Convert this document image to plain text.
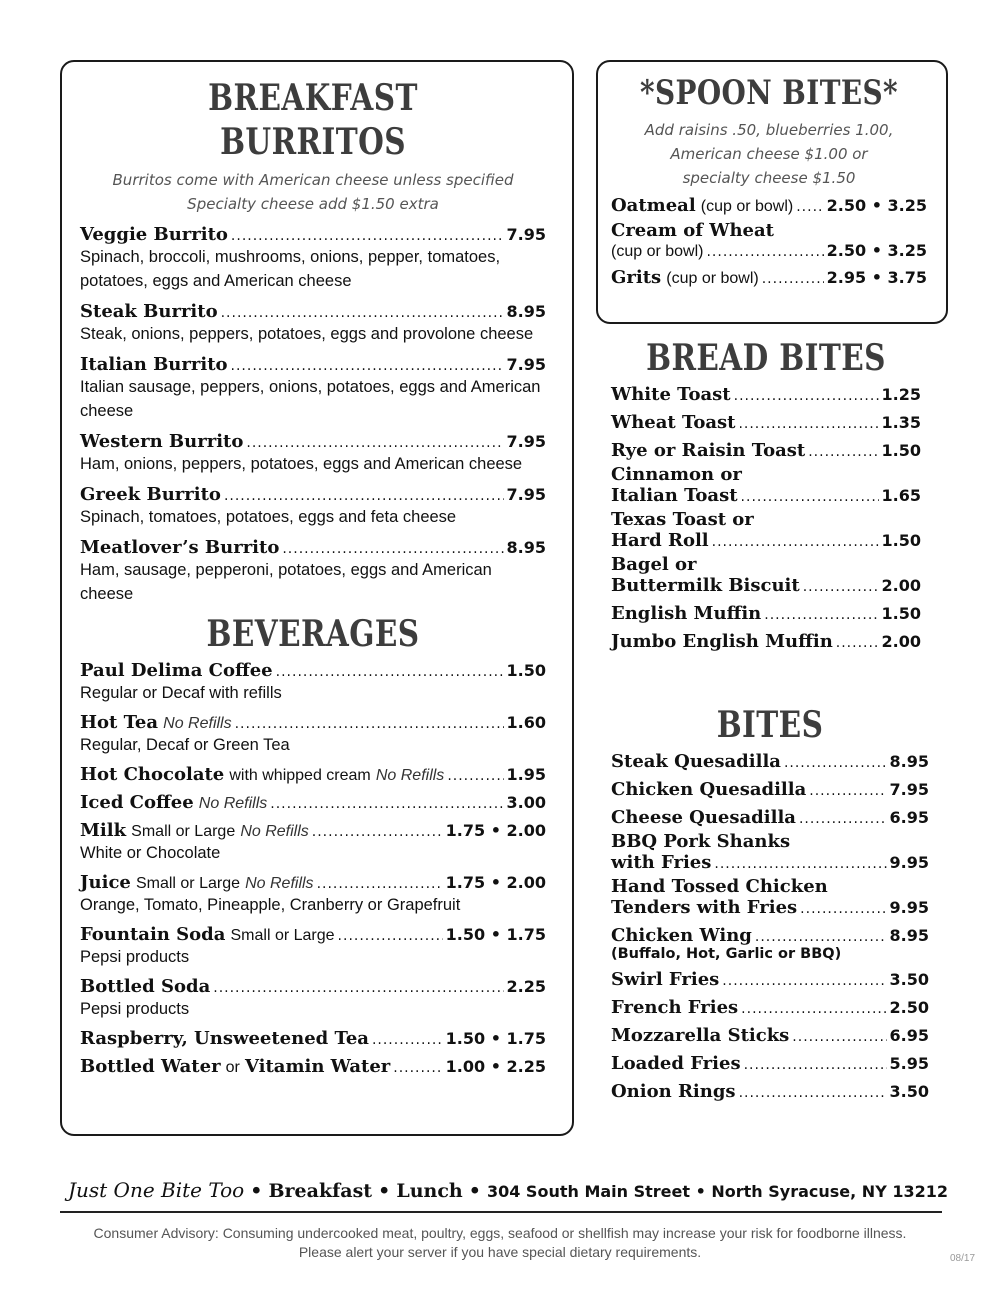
BREAKFAST BURRITOS
Burritos come with American cheese unless specified
Specialty cheese add $1.50 extra
Veggie Burrito .....	7.95
Spinach, broccoli, mushrooms, onions, pepper, tomatoes,
potatoes, eggs and American cheese
Steak Burrito .....	8.95
Steak, onions, peppers, potatoes, eggs and provolone cheese
Italian Burrito .....	7.95
Italian sausage, peppers, onions, potatoes, eggs and American
cheese
Western Burrito .....	7.95
Ham, onions, peppers, potatoes, eggs and American cheese
Greek Burrito .....	7.95
Spinach, tomatoes, potatoes, eggs and feta cheese
Meatlover’s Burrito .....	8.95
Ham, sausage, pepperoni, potatoes, eggs and American
cheese
BEVERAGES
Paul Delima Coffee .....	1.50
Regular or Decaf with refills
Hot Tea
No Refills .....	1.60
Regular, Decaf or Green Tea
Hot Chocolate
with whipped cream
No Refills .....	1.95
Iced Coffee
No Refills .....	3.00
Milk
Small or Large
No Refills .....	1.75 • 2.00
White or Chocolate
Juice
Small or Large
No Refills .....	1.75 • 2.00
Orange, Tomato, Pineapple, Cranberry or Grapefruit
Fountain Soda
Small or Large .....	1.50 • 1.75
Pepsi products
Bottled Soda .....	2.25
Pepsi products
Raspberry, Unsweetened Tea .....	1.50 • 1.75
Bottled Water
or
Vitamin Water .....	1.00 • 2.25
*SPOON BITES*
Add raisins .50, blueberries 1.00,
American cheese $1.00 or
specialty cheese $1.50
Oatmeal
(cup or bowl) ..... 2.50 • 3.25
Cream of Wheat
(cup or bowl) .....	2.50 • 3.25
Grits
(cup or bowl) .....	2.95 • 3.75
BREAD BITES
White Toast .....	1.25
Wheat Toast .....	1.35
Rye or Raisin Toast .....	1.50
Cinnamon or
Italian Toast .....	1.65
Texas Toast or
Hard Roll .....	1.50
Bagel or
Buttermilk Biscuit .....	2.00
English Muffin .....	1.50
Jumbo English Muffin .....	2.00
BITES
Steak Quesadilla .....	8.95
Chicken Quesadilla .....	7.95
Cheese Quesadilla .....	6.95
BBQ Pork Shanks
with Fries .....	9.95
Hand Tossed Chicken
Tenders with Fries .....	9.95
Chicken Wing .....	8.95
(Buffalo, Hot, Garlic or BBQ)
Swirl Fries .....	3.50
French Fries .....	2.50
Mozzarella Sticks .....	6.95
Loaded Fries .....	5.95
Onion Rings .....	3.50
Just One Bite Too • Breakfast • Lunch • 304 South Main Street • North Syracuse, NY 13212
Consumer Advisory: Consuming undercooked meat, poultry, eggs, seafood or shellfish may increase your risk for foodborne illness.
Please alert your server if you have special dietary requirements.	08/17
